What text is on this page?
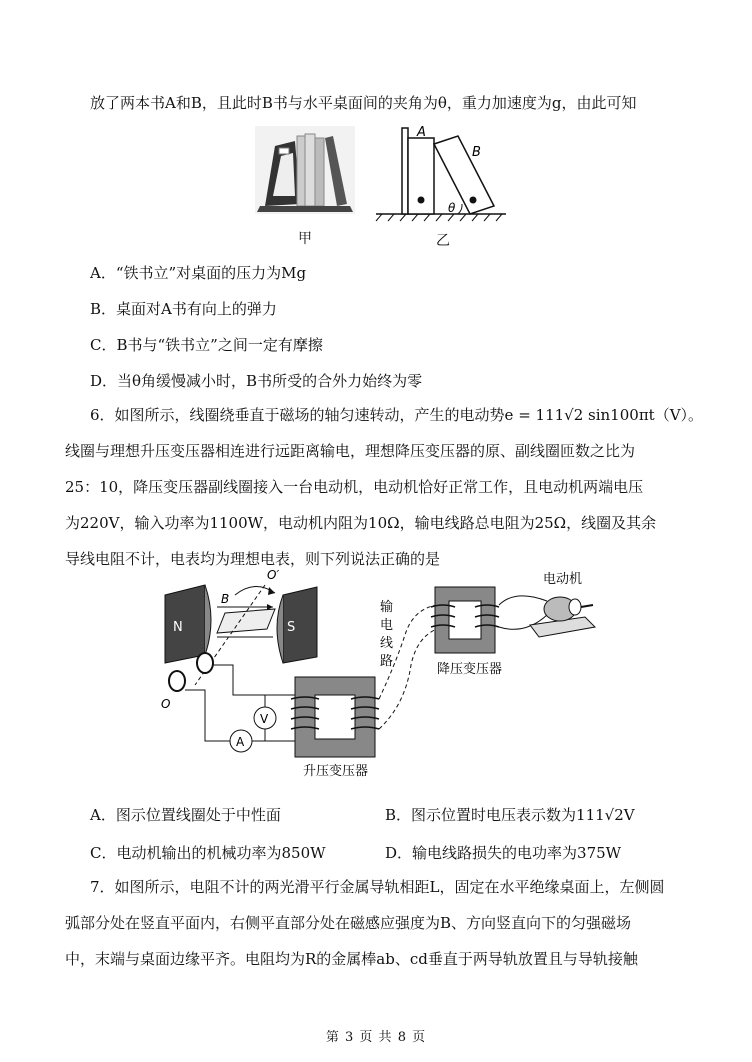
放了两本书A和B，且此时B书与水平桌面间的夹角为θ，重力加速度为g，由此可知
A
B
θ
甲	乙
A．“铁书立”对桌面的压力为Mg
B．桌面对A书有向上的弹力
C．B书与“铁书立”之间一定有摩擦
D．当θ角缓慢减小时，B书所受的合外力始终为零
6．如图所示，线圈绕垂直于磁场的轴匀速转动，产生的电动势e = 111√2 sin100πt（V）。
线圈与理想升压变压器相连进行远距离输电，理想降压变压器的原、副线圈匝数之比为
25：10，降压变压器副线圈接入一台电动机，电动机恰好正常工作，且电动机两端电压
为220V，输入功率为1100W，电动机内阻为10Ω，输电线路总电阻为25Ω，线圈及其余
导线电阻不计，电表均为理想电表，则下列说法正确的是
N	S
B
O′
O
A
V
输电线路
降压变压器
电动机
升压变压器
A．图示位置线圈处于中性面	B．图示位置时电压表示数为111√2V
C．电动机输出的机械功率为850W	D．输电线路损失的电功率为375W
7．如图所示，电阻不计的两光滑平行金属导轨相距L，固定在水平绝缘桌面上，左侧圆
弧部分处在竖直平面内，右侧平直部分处在磁感应强度为B、方向竖直向下的匀强磁场
中，末端与桌面边缘平齐。电阻均为R的金属棒ab、cd垂直于两导轨放置且与导轨接触
第 3 页 共 8 页
